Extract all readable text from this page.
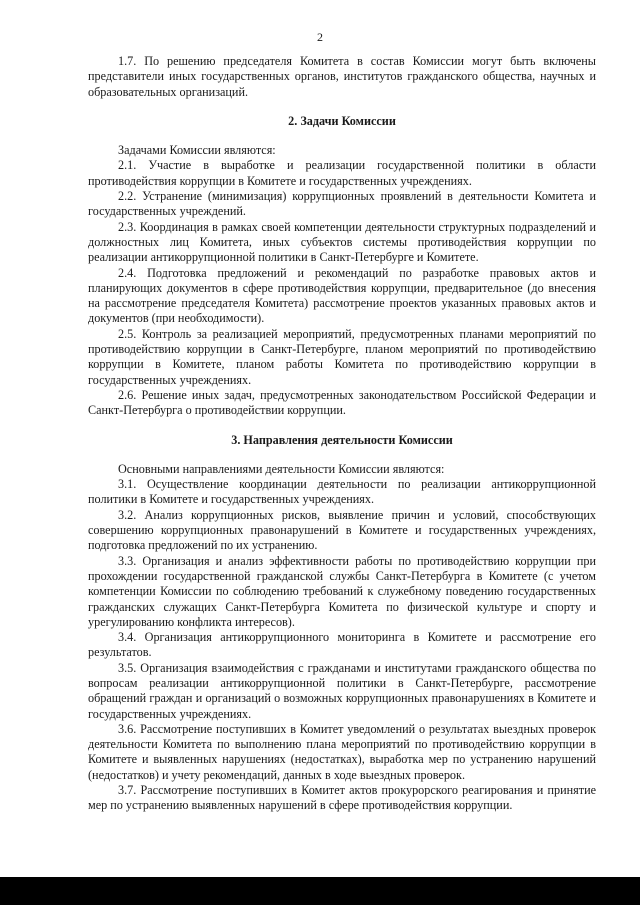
2

1.7. По решению председателя Комитета в состав Комиссии могут быть включены представители иных государственных органов, институтов гражданского общества, научных и образовательных организаций.

2. Задачи Комиссии

Задачами Комиссии являются:

2.1. Участие в выработке и реализации государственной политики в области противодействия коррупции в Комитете и государственных учреждениях.

2.2. Устранение (минимизация) коррупционных проявлений в деятельности Комитета и государственных учреждений.

2.3. Координация в рамках своей компетенции деятельности структурных подразделений и должностных лиц Комитета, иных субъектов системы противодействия коррупции по реализации антикоррупционной политики в Санкт-Петербурге и Комитете.

2.4. Подготовка предложений и рекомендаций по разработке правовых актов и планирующих документов в сфере противодействия коррупции, предварительное (до внесения на рассмотрение председателя Комитета) рассмотрение проектов указанных правовых актов и документов (при необходимости).

2.5. Контроль за реализацией мероприятий, предусмотренных планами мероприятий по противодействию коррупции в Санкт-Петербурге, планом мероприятий по противодействию коррупции в Комитете, планом работы Комитета по противодействию коррупции в государственных учреждениях.

2.6. Решение иных задач, предусмотренных законодательством Российской Федерации и Санкт-Петербурга о противодействии коррупции.

3. Направления деятельности Комиссии

Основными направлениями деятельности Комиссии являются:

3.1. Осуществление координации деятельности по реализации антикоррупционной политики в Комитете и государственных учреждениях.

3.2. Анализ коррупционных рисков, выявление причин и условий, способствующих совершению коррупционных правонарушений в Комитете и государственных учреждениях, подготовка предложений по их устранению.

3.3. Организация и анализ эффективности работы по противодействию коррупции при прохождении государственной гражданской службы Санкт-Петербурга в Комитете (с учетом компетенции Комиссии по соблюдению требований к служебному поведению государственных гражданских служащих Санкт-Петербурга Комитета по физической культуре и спорту и урегулированию конфликта интересов).

3.4. Организация антикоррупционного мониторинга в Комитете и рассмотрение его результатов.

3.5. Организация взаимодействия с гражданами и институтами гражданского общества по вопросам реализации антикоррупционной политики в Санкт-Петербурге, рассмотрение обращений граждан и организаций о возможных коррупционных правонарушениях в Комитете и государственных учреждениях.

3.6. Рассмотрение поступивших в Комитет уведомлений о результатах выездных проверок деятельности Комитета по выполнению плана мероприятий по противодействию коррупции в Комитете и выявленных нарушениях (недостатках), выработка мер по устранению нарушений (недостатков) и учету рекомендаций, данных в ходе выездных проверок.

3.7. Рассмотрение поступивших в Комитет актов прокурорского реагирования и принятие мер по устранению выявленных нарушений в сфере противодействия коррупции.
